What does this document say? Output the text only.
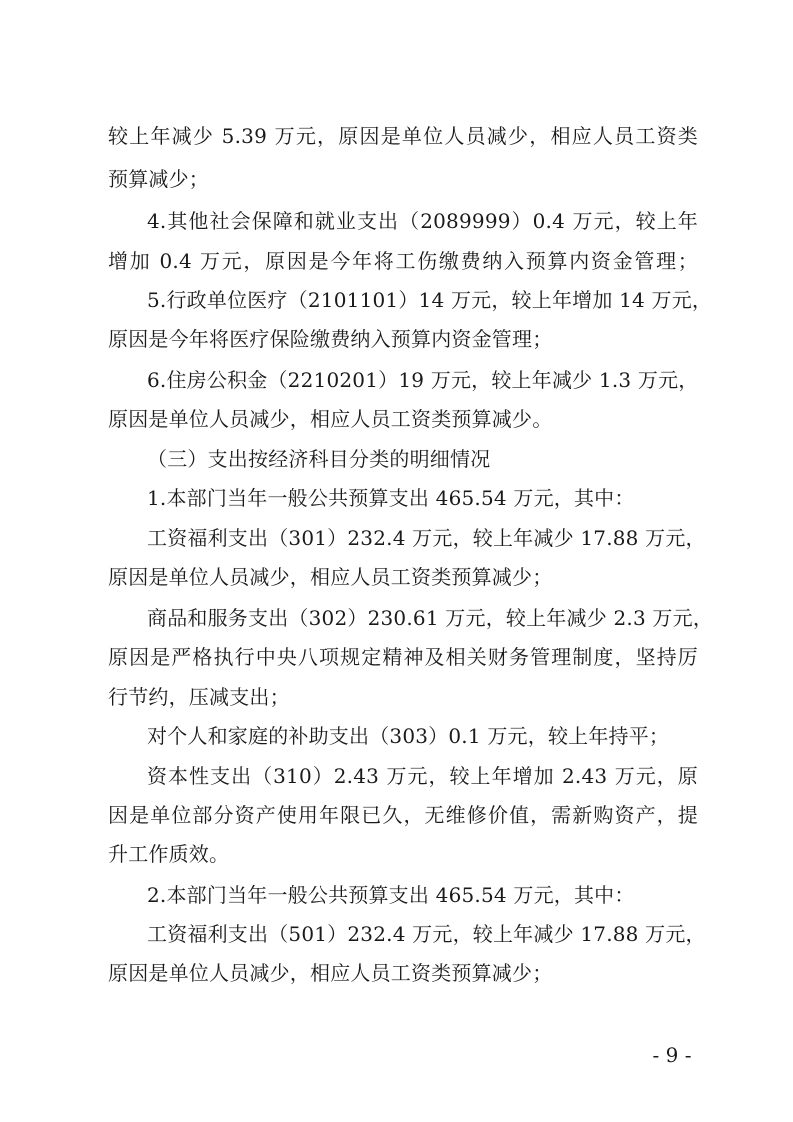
较上年减少 5.39 万元，原因是单位人员减少，相应人员工资类
预算减少；
4.其他社会保障和就业支出（2089999）0.4 万元，较上年
增加 0.4 万元，原因是今年将工伤缴费纳入预算内资金管理；
5.行政单位医疗（2101101）14 万元，较上年增加 14 万元，
原因是今年将医疗保险缴费纳入预算内资金管理；
6.住房公积金（2210201）19 万元，较上年减少 1.3 万元，
原因是单位人员减少，相应人员工资类预算减少。
（三）支出按经济科目分类的明细情况
1.本部门当年一般公共预算支出 465.54 万元，其中：
工资福利支出（301）232.4 万元，较上年减少 17.88 万元，
原因是单位人员减少，相应人员工资类预算减少；
商品和服务支出（302）230.61 万元，较上年减少 2.3 万元，
原因是严格执行中央八项规定精神及相关财务管理制度，坚持厉
行节约，压减支出；
对个人和家庭的补助支出（303）0.1 万元，较上年持平；
资本性支出（310）2.43 万元，较上年增加 2.43 万元，原
因是单位部分资产使用年限已久，无维修价值，需新购资产，提
升工作质效。
2.本部门当年一般公共预算支出 465.54 万元，其中：
工资福利支出（501）232.4 万元，较上年减少 17.88 万元，
原因是单位人员减少，相应人员工资类预算减少；
- 9 -
